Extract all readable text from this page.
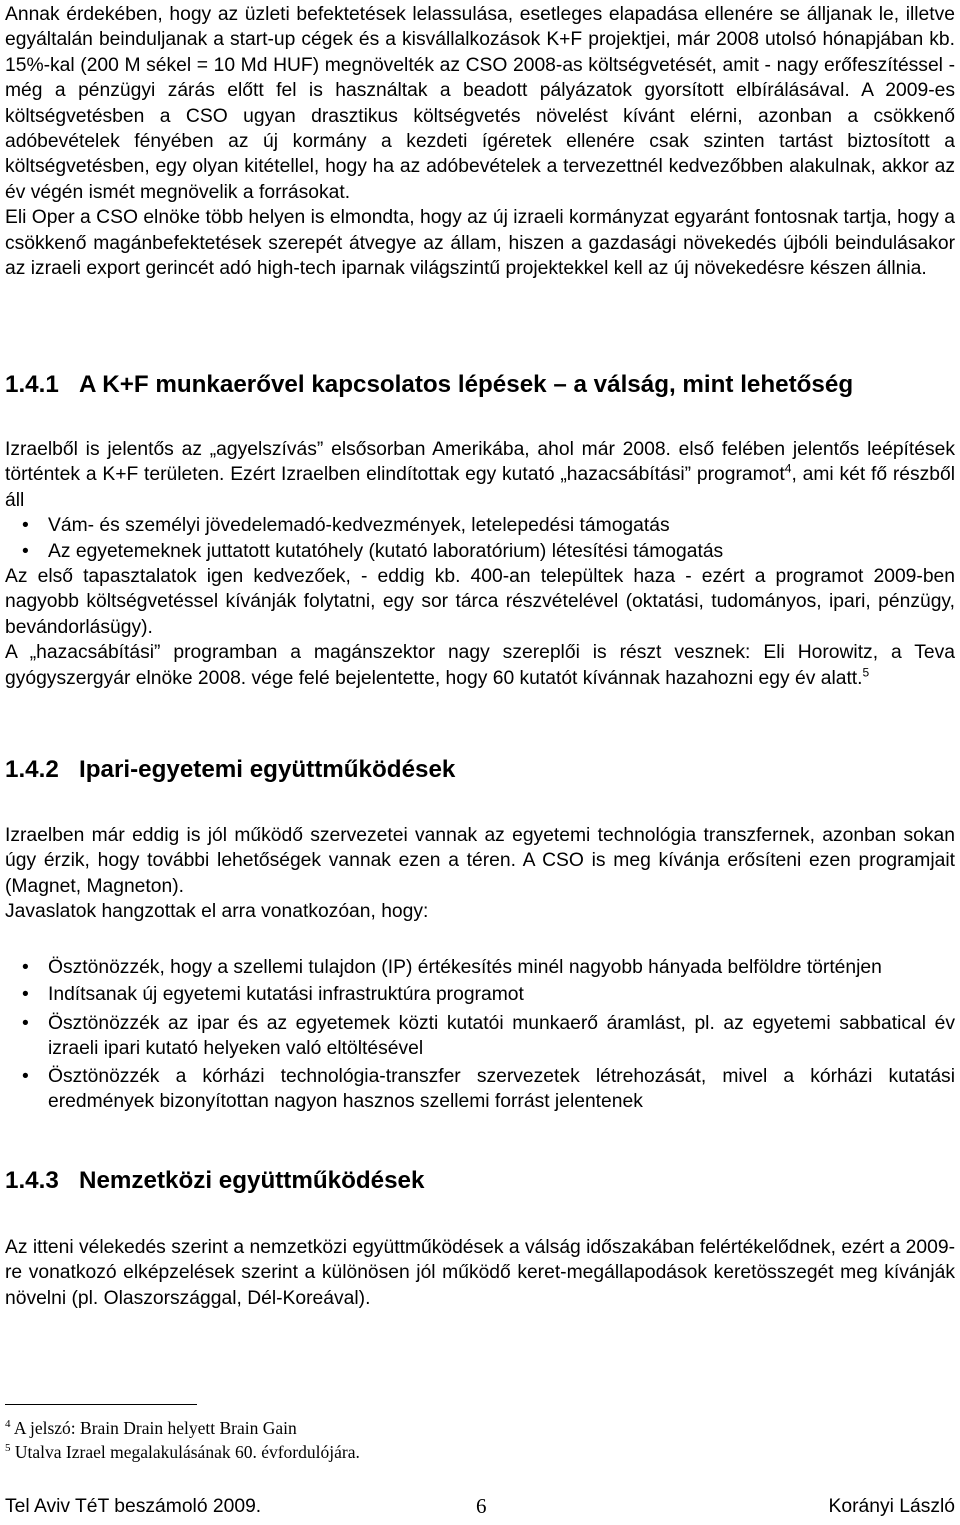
Annak érdekében, hogy az üzleti befektetések lelassulása, esetleges elapadása ellenére se álljanak le, illetve egyáltalán beinduljanak a start-up cégek és a kisvállalkozások K+F projektjei, már 2008 utolsó hónapjában kb. 15%-kal (200 M sékel = 10 Md HUF) megnövelték az CSO 2008-as költségvetését, amit - nagy erőfeszítéssel - még a pénzügyi zárás előtt fel is használtak a beadott pályázatok gyorsított elbírálásával. A 2009-es költségvetésben a CSO ugyan drasztikus költségvetés növelést kívánt elérni, azonban a csökkenő adóbevételek fényében az új kormány a kezdeti ígéretek ellenére csak szinten tartást biztosított a költségvetésben, egy olyan kitétellel, hogy ha az adóbevételek a tervezettnél kedvezőbben alakulnak, akkor az év végén ismét megnövelik a forrásokat.

Eli Oper a CSO elnöke több helyen is elmondta, hogy az új izraeli kormányzat egyaránt fontosnak tartja, hogy a csökkenő magánbefektetések szerepét átvegye az állam, hiszen a gazdasági növekedés újbóli beindulásakor az izraeli export gerincét adó high-tech iparnak világszintű projektekkel kell az új növekedésre készen állnia.

1.4.1 A K+F munkaerővel kapcsolatos lépések – a válság, mint lehetőség

Izraelből is jelentős az „agyelszívás” elsősorban Amerikába, ahol már 2008. első felében jelentős leépítések történtek a K+F területen. Ezért Izraelben elindítottak egy kutató „hazacsábítási” programot$^4$, ami két fő részből áll

• Vám- és személyi jövedelemadó-kedvezmények, letelepedési támogatás
• Az egyetemeknek juttatott kutatóhely (kutató laboratórium) létesítési támogatás

Az első tapasztalatok igen kedvezőek, - eddig kb. 400-an települtek haza - ezért a programot 2009-ben nagyobb költségvetéssel kívánják folytatni, egy sor tárca részvételével (oktatási, tudományos, ipari, pénzügy, bevándorlásügy).

A „hazacsábítási” programban a magánszektor nagy szereplői is részt vesznek: Eli Horowitz, a Teva gyógyszergyár elnöke 2008. vége felé bejelentette, hogy 60 kutatót kívánnak hazahozni egy év alatt.$^5$

1.4.2 Ipari-egyetemi együttműködések

Izraelben már eddig is jól működő szervezetei vannak az egyetemi technológia transzfernek, azonban sokan úgy érzik, hogy további lehetőségek vannak ezen a téren. A CSO is meg kívánja erősíteni ezen programjait (Magnet, Magneton).

Javaslatok hangzottak el arra vonatkozóan, hogy:

• Ösztönözzék, hogy a szellemi tulajdon (IP) értékesítés minél nagyobb hányada belföldre történjen
• Indítsanak új egyetemi kutatási infrastruktúra programot
• Ösztönözzék az ipar és az egyetemek közti kutatói munkaerő áramlást, pl. az egyetemi sabbatical év izraeli ipari kutató helyeken való eltöltésével
• Ösztönözzék a kórházi technológia-transzfer szervezetek létrehozását, mivel a kórházi kutatási eredmények bizonyítottan nagyon hasznos szellemi forrást jelentenek
1.4.3 Nemzetközi együttműködések

Az itteni vélekedés szerint a nemzetközi együttműködések a válság időszakában felértékelődnek, ezért a 2009-re vonatkozó elképzelések szerint a különösen jól működő keret-megállapodások keretösszegét meg kívánják növelni (pl. Olaszországgal, Dél-Koreával).

$^4$ A jelszó: Brain Drain helyett Brain Gain
$^5$ Utalva Izrael megalakulásának 60. évfordulójára.
Tel Aviv TéT beszámoló 2009.	6	Korányi László
